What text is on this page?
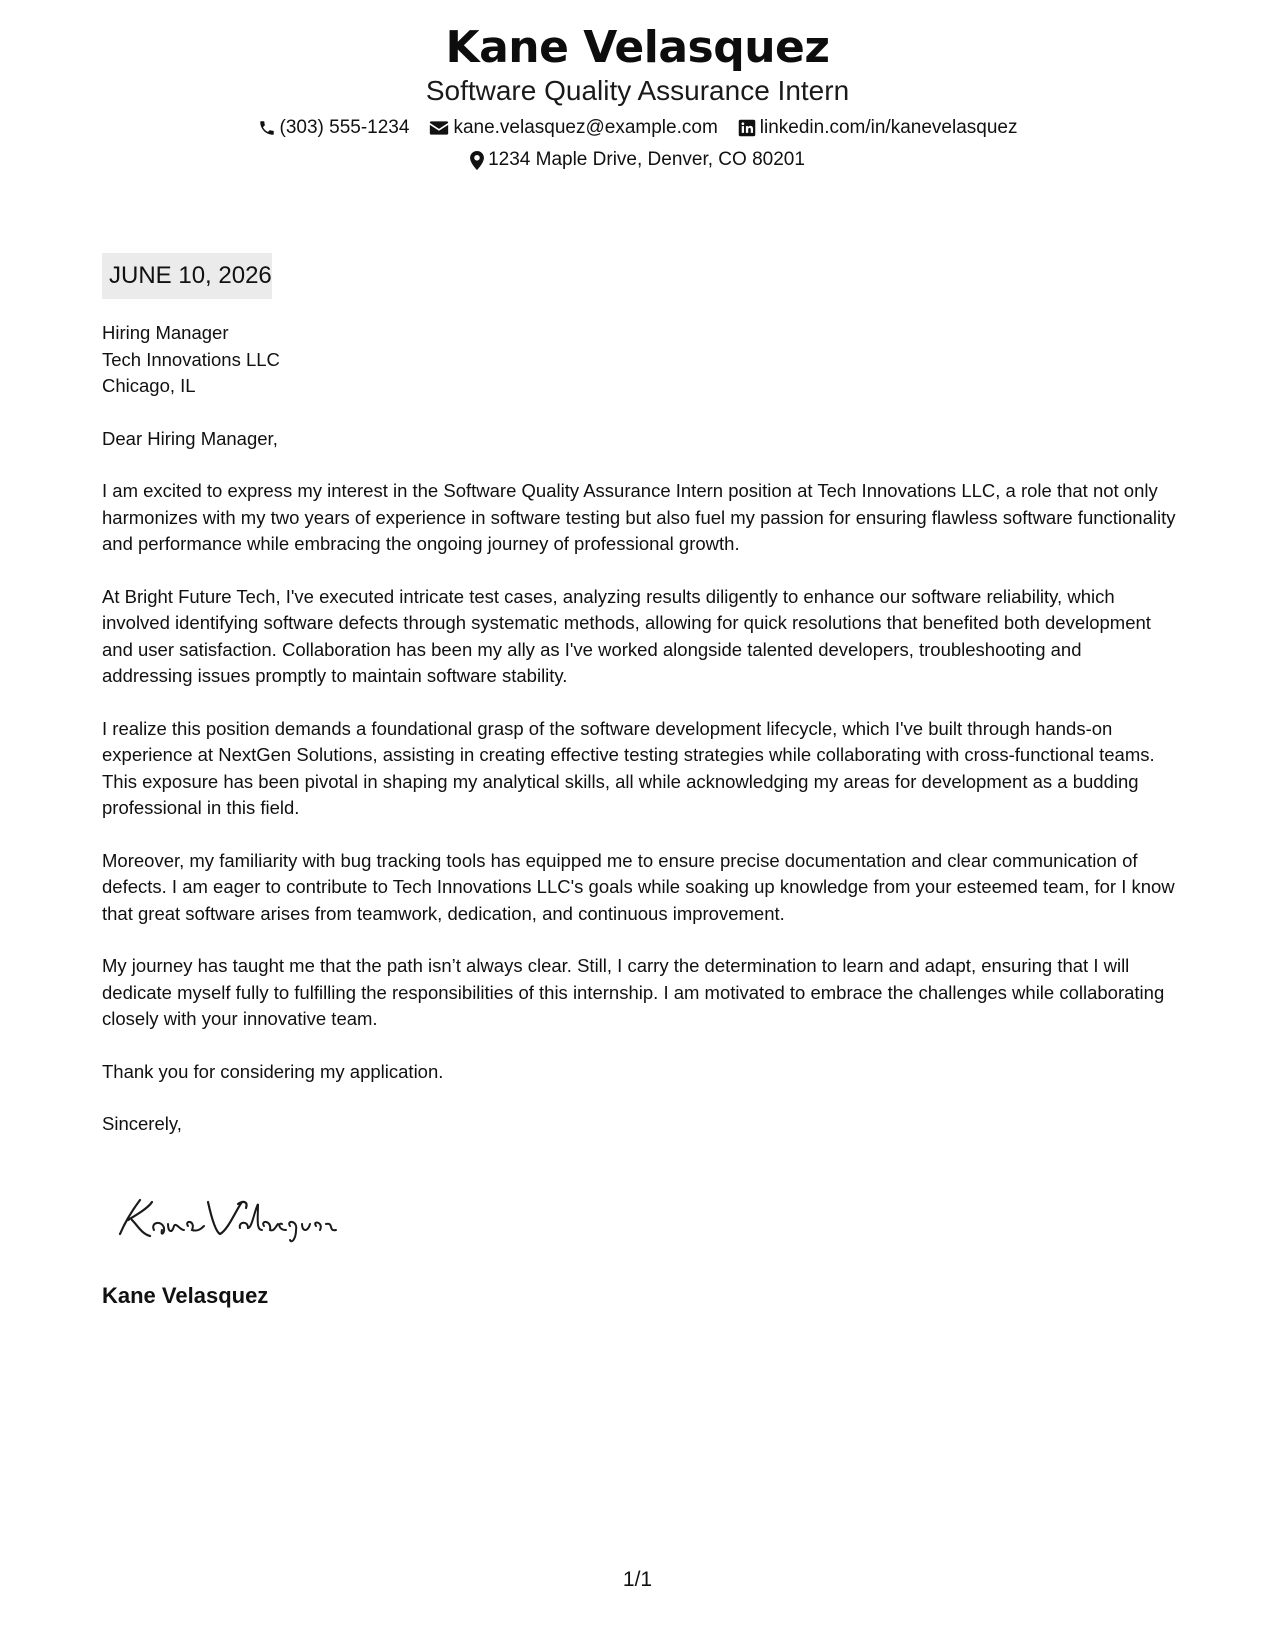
Kane Velasquez
Software Quality Assurance Intern
(303) 555-1234 kane.velasquez@example.com linkedin.com/in/kanevelasquez
1234 Maple Drive, Denver, CO 80201
JUNE 10, 2026
Hiring Manager
Tech Innovations LLC
Chicago, IL

Dear Hiring Manager,

I am excited to express my interest in the Software Quality Assurance Intern position at Tech Innovations LLC, a role that not only harmonizes with my two years of experience in software testing but also fuel my passion for ensuring flawless software functionality and performance while embracing the ongoing journey of professional growth.

At Bright Future Tech, I've executed intricate test cases, analyzing results diligently to enhance our software reliability, which involved identifying software defects through systematic methods, allowing for quick resolutions that benefited both development and user satisfaction. Collaboration has been my ally as I've worked alongside talented developers, troubleshooting and addressing issues promptly to maintain software stability.

I realize this position demands a foundational grasp of the software development lifecycle, which I've built through hands-on experience at NextGen Solutions, assisting in creating effective testing strategies while collaborating with cross-functional teams. This exposure has been pivotal in shaping my analytical skills, all while acknowledging my areas for development as a budding professional in this field.

Moreover, my familiarity with bug tracking tools has equipped me to ensure precise documentation and clear communication of defects. I am eager to contribute to Tech Innovations LLC's goals while soaking up knowledge from your esteemed team, for I know that great software arises from teamwork, dedication, and continuous improvement.

My journey has taught me that the path isn’t always clear. Still, I carry the determination to learn and adapt, ensuring that I will dedicate myself fully to fulfilling the responsibilities of this internship. I am motivated to embrace the challenges while collaborating closely with your innovative team.

Thank you for considering my application.

Sincerely,

Kane Velasquez
1/1
